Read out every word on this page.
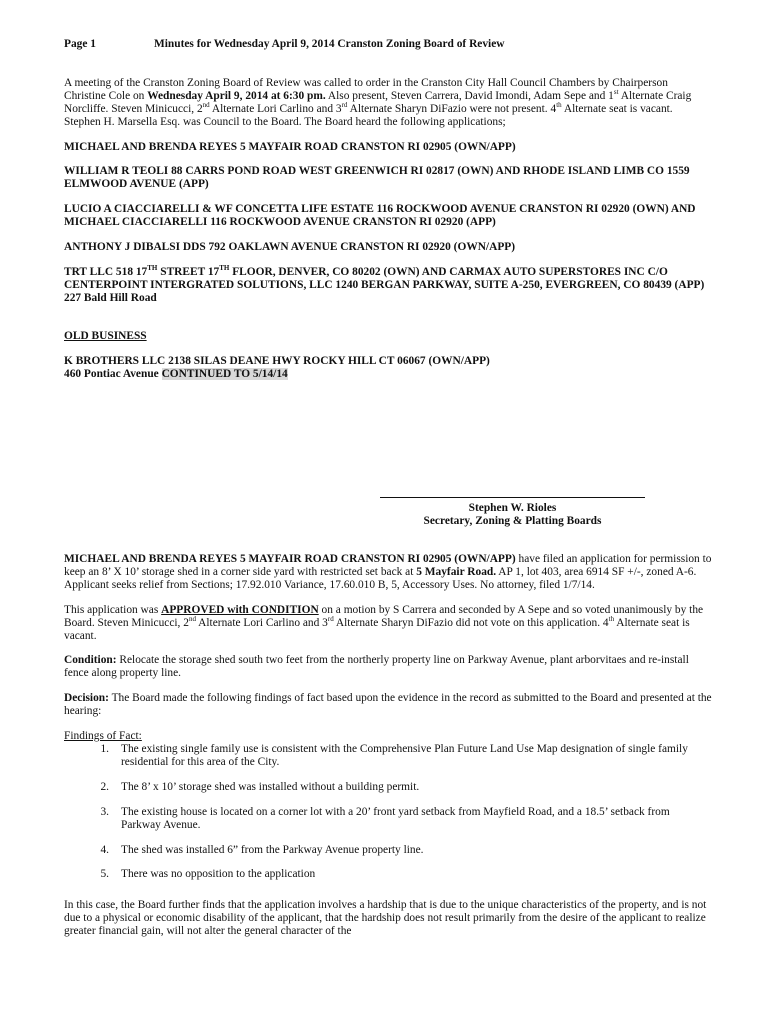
Page 1	Minutes for Wednesday April 9, 2014 Cranston Zoning Board of Review

A meeting of the Cranston Zoning Board of Review was called to order in the Cranston City Hall Council Chambers by Chairperson Christine Cole on Wednesday April 9, 2014 at 6:30 pm. Also present, Steven Carrera, David Imondi, Adam Sepe and 1st Alternate Craig Norcliffe. Steven Minicucci, 2nd Alternate Lori Carlino and 3rd Alternate Sharyn DiFazio were not present. 4th Alternate seat is vacant. Stephen H. Marsella Esq. was Council to the Board. The Board heard the following applications;

MICHAEL AND BRENDA REYES 5 MAYFAIR ROAD CRANSTON RI 02905 (OWN/APP)

WILLIAM R TEOLI 88 CARRS POND ROAD WEST GREENWICH RI 02817 (OWN) AND RHODE ISLAND LIMB CO 1559 ELMWOOD AVENUE (APP)

LUCIO A CIACCIARELLI & WF CONCETTA LIFE ESTATE 116 ROCKWOOD AVENUE CRANSTON RI 02920 (OWN) AND MICHAEL CIACCIARELLI 116 ROCKWOOD AVENUE CRANSTON RI 02920 (APP)

ANTHONY J DIBALSI DDS 792 OAKLAWN AVENUE CRANSTON RI 02920 (OWN/APP)

TRT LLC 518 17TH STREET 17TH FLOOR, DENVER, CO 80202 (OWN) AND CARMAX AUTO SUPERSTORES INC C/O CENTERPOINT INTERGRATED SOLUTIONS, LLC 1240 BERGAN PARKWAY, SUITE A-250, EVERGREEN, CO 80439 (APP) 227 Bald Hill Road

OLD BUSINESS

K BROTHERS LLC 2138 SILAS DEANE HWY ROCKY HILL CT 06067 (OWN/APP)

460 Pontiac Avenue CONTINUED TO 5/14/14

Stephen W. Rioles
Secretary, Zoning & Platting Boards

MICHAEL AND BRENDA REYES 5 MAYFAIR ROAD CRANSTON RI 02905 (OWN/APP) have filed an application for permission to keep an 8’ X 10’ storage shed in a corner side yard with restricted set back at 5 Mayfair Road. AP 1, lot 403, area 6914 SF +/-, zoned A-6. Applicant seeks relief from Sections; 17.92.010 Variance, 17.60.010 B, 5, Accessory Uses. No attorney, filed 1/7/14.

This application was APPROVED with CONDITION on a motion by S Carrera and seconded by A Sepe and so voted unanimously by the Board. Steven Minicucci, 2nd Alternate Lori Carlino and 3rd Alternate Sharyn DiFazio did not vote on this application. 4th Alternate seat is vacant.

Condition: Relocate the storage shed south two feet from the northerly property line on Parkway Avenue, plant arborvitaes and re-install fence along property line.

Decision: The Board made the following findings of fact based upon the evidence in the record as submitted to the Board and presented at the hearing:

Findings of Fact:

1.	The existing single family use is consistent with the Comprehensive Plan Future Land Use Map designation of single family residential for this area of the City.
2.	The 8’ x 10’ storage shed was installed without a building permit.
3.	The existing house is located on a corner lot with a 20’ front yard setback from Mayfield Road, and a 18.5’ setback from Parkway Avenue.
4.	The shed was installed 6” from the Parkway Avenue property line.
5.	There was no opposition to the application

In this case, the Board further finds that the application involves a hardship that is due to the unique characteristics of the property, and is not due to a physical or economic disability of the applicant, that the hardship does not result primarily from the desire of the applicant to realize greater financial gain, will not alter the general character of the
